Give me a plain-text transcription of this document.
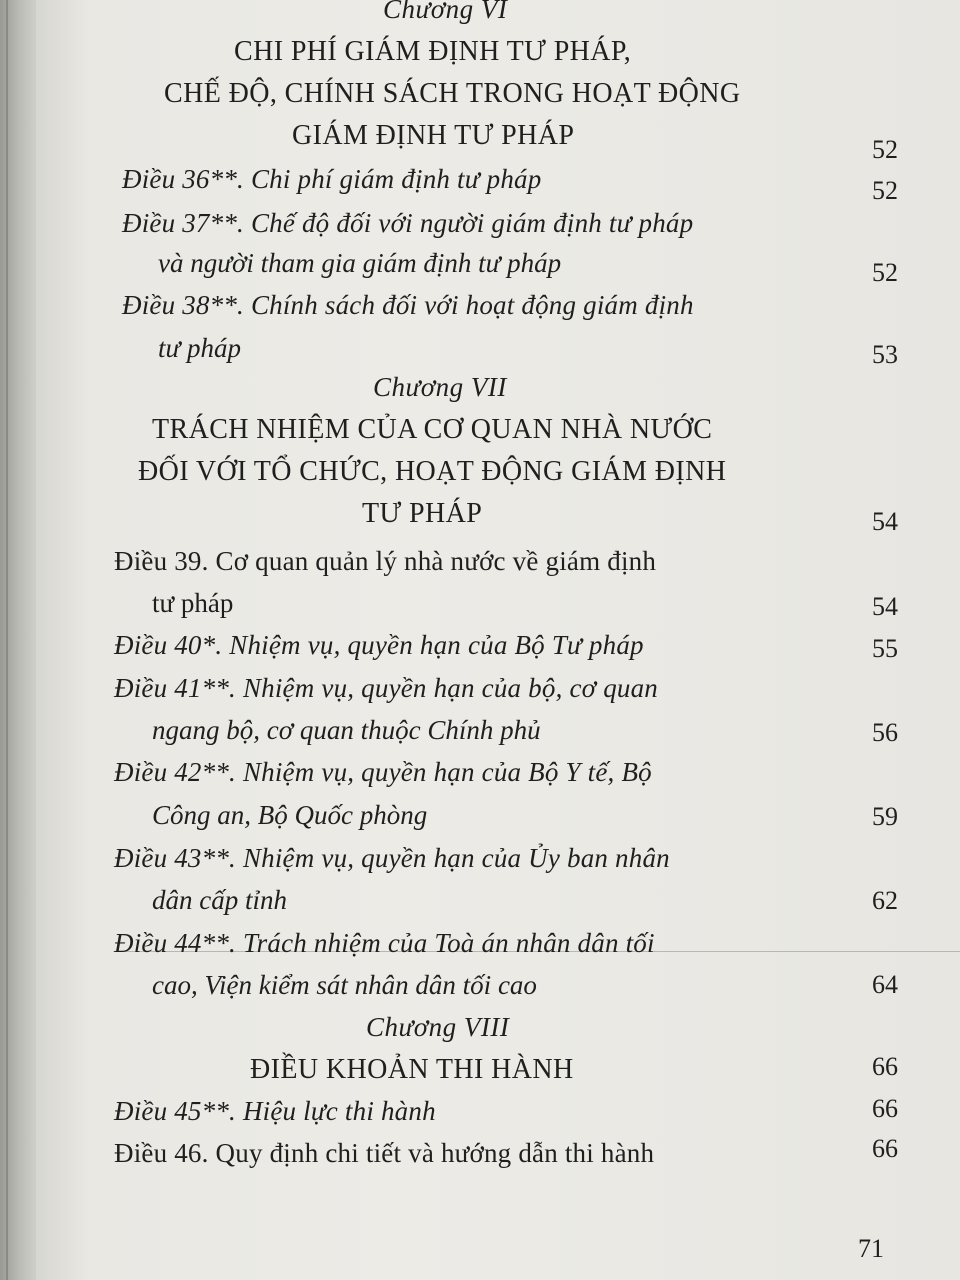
Chương VI
CHI PHÍ GIÁM ĐỊNH TƯ PHÁP,
CHẾ ĐỘ, CHÍNH SÁCH TRONG HOẠT ĐỘNG
GIÁM ĐỊNH TƯ PHÁP	52
Điều 36**. Chi phí giám định tư pháp	52
Điều 37**. Chế độ đối với người giám định tư pháp
và người tham gia giám định tư pháp	52
Điều 38**. Chính sách đối với hoạt động giám định
tư pháp	53
Chương VII
TRÁCH NHIỆM CỦA CƠ QUAN NHÀ NƯỚC
ĐỐI VỚI TỔ CHỨC, HOẠT ĐỘNG GIÁM ĐỊNH
TƯ PHÁP	54
Điều 39. Cơ quan quản lý nhà nước về giám định
tư pháp	54
Điều 40*. Nhiệm vụ, quyền hạn của Bộ Tư pháp	55
Điều 41**. Nhiệm vụ, quyền hạn của bộ, cơ quan
ngang bộ, cơ quan thuộc Chính phủ	56
Điều 42**. Nhiệm vụ, quyền hạn của Bộ Y tế, Bộ
Công an, Bộ Quốc phòng	59
Điều 43**. Nhiệm vụ, quyền hạn của Ủy ban nhân
dân cấp tỉnh	62
Điều 44**. Trách nhiệm của Toà án nhân dân tối
cao, Viện kiểm sát nhân dân tối cao	64
Chương VIII
ĐIỀU KHOẢN THI HÀNH	66
Điều 45**. Hiệu lực thi hành	66
Điều 46. Quy định chi tiết và hướng dẫn thi hành	66
71
